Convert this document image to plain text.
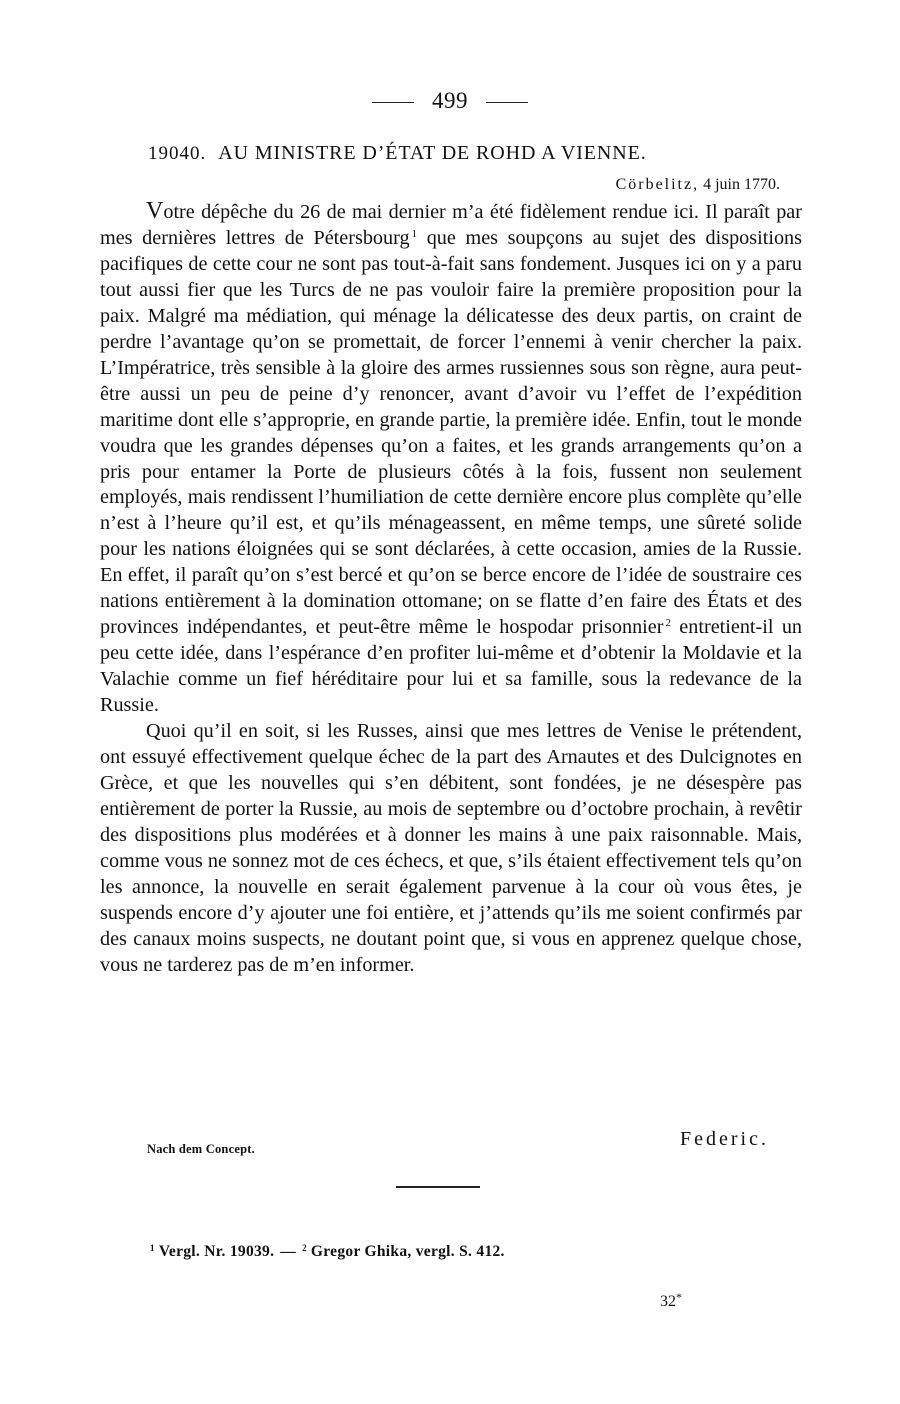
499
19040. AU MINISTRE D’ÉTAT DE ROHD A VIENNE.
Cörbelitz, 4 juin 1770.

Votre dépêche du 26 de mai dernier m’a été fidèlement rendue ici. Il paraît par mes dernières lettres de Pétersbourg $^1$ que mes soupçons au sujet des dispositions pacifiques de cette cour ne sont pas tout-à-fait sans fondement. Jusques ici on y a paru tout aussi fier que les Turcs de ne pas vouloir faire la première proposition pour la paix. Malgré ma médiation, qui ménage la délicatesse des deux partis, on craint de perdre l’avantage qu’on se promettait, de forcer l’ennemi à venir chercher la paix. L’Impératrice, très sensible à la gloire des armes russiennes sous son règne, aura peut-être aussi un peu de peine d’y renoncer, avant d’avoir vu l’effet de l’expédition maritime dont elle s’approprie, en grande partie, la première idée. Enfin, tout le monde voudra que les grandes dépenses qu’on a faites, et les grands arrangements qu’on a pris pour entamer la Porte de plusieurs côtés à la fois, fussent non seulement employés, mais rendissent l’humiliation de cette dernière encore plus complète qu’elle n’est à l’heure qu’il est, et qu’ils ménageassent, en même temps, une sûreté solide pour les nations éloignées qui se sont déclarées, à cette occasion, amies de la Russie. En effet, il paraît qu’on s’est bercé et qu’on se berce encore de l’idée de soustraire ces nations entièrement à la domination ottomane; on se flatte d’en faire des États et des provinces indépendantes, et peut-être même le hospodar prisonnier $^2$ entretient-il un peu cette idée, dans l’espérance d’en profiter lui-même et d’obtenir la Moldavie et la Valachie comme un fief héréditaire pour lui et sa famille, sous la redevance de la Russie.

Quoi qu’il en soit, si les Russes, ainsi que mes lettres de Venise le prétendent, ont essuyé effectivement quelque échec de la part des Arnautes et des Dulcignotes en Grèce, et que les nouvelles qui s’en débitent, sont fondées, je ne désespère pas entièrement de porter la Russie, au mois de septembre ou d’octobre prochain, à revêtir des dispositions plus modérées et à donner les mains à une paix raisonnable. Mais, comme vous ne sonnez mot de ces échecs, et que, s’ils étaient effectivement tels qu’on les annonce, la nouvelle en serait également parvenue à la cour où vous êtes, je suspends encore d’y ajouter une foi entière, et j’attends qu’ils me soient confirmés par des canaux moins suspects, ne doutant point que, si vous en apprenez quelque chose, vous ne tarderez pas de m’en informer.

Nach dem Concept.	Federic.
$^1$ Vergl. Nr. 19039. — $^2$ Gregor Ghika, vergl. S. 412.
32*
